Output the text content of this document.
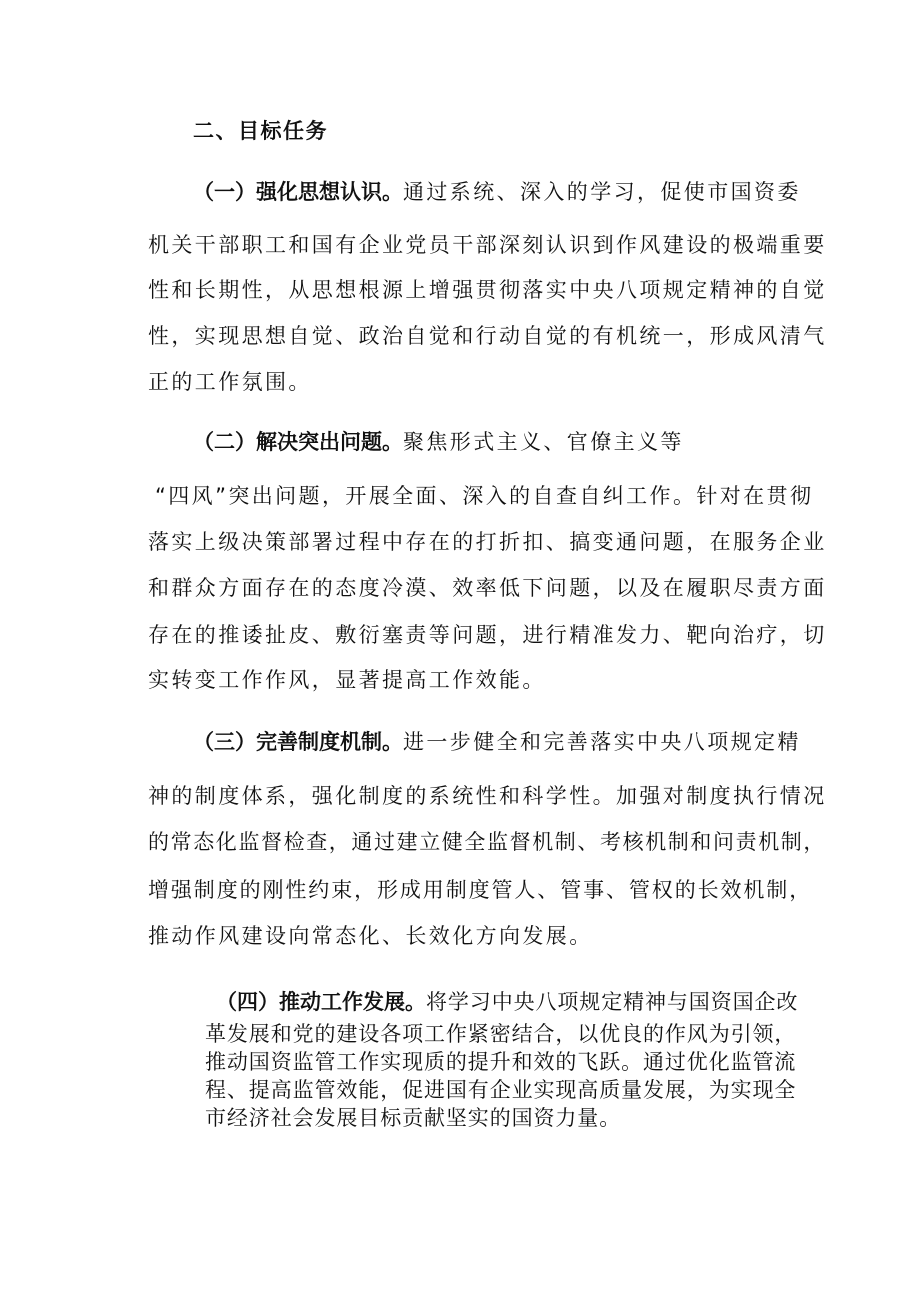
二、目标任务
（一）强化思想认识。通过系统、深入的学习，促使市国资委
机关干部职工和国有企业党员干部深刻认识到作风建设的极端重要
性和长期性，从思想根源上增强贯彻落实中央八项规定精神的自觉
性，实现思想自觉、政治自觉和行动自觉的有机统一，形成风清气
正的工作氛围。
（二）解决突出问题。聚焦形式主义、官僚主义等
“四风”突出问题，开展全面、深入的自查自纠工作。针对在贯彻
落实上级决策部署过程中存在的打折扣、搞变通问题，在服务企业
和群众方面存在的态度冷漠、效率低下问题，以及在履职尽责方面
存在的推诿扯皮、敷衍塞责等问题，进行精准发力、靶向治疗，切
实转变工作作风，显著提高工作效能。
（三）完善制度机制。进一步健全和完善落实中央八项规定精
神的制度体系，强化制度的系统性和科学性。加强对制度执行情况
的常态化监督检查，通过建立健全监督机制、考核机制和问责机制，
增强制度的刚性约束，形成用制度管人、管事、管权的长效机制，
推动作风建设向常态化、长效化方向发展。
（四）推动工作发展。将学习中央八项规定精神与国资国企改
革发展和党的建设各项工作紧密结合，以优良的作风为引领，
推动国资监管工作实现质的提升和效的飞跃。通过优化监管流
程、提高监管效能，促进国有企业实现高质量发展，为实现全
市经济社会发展目标贡献坚实的国资力量。
